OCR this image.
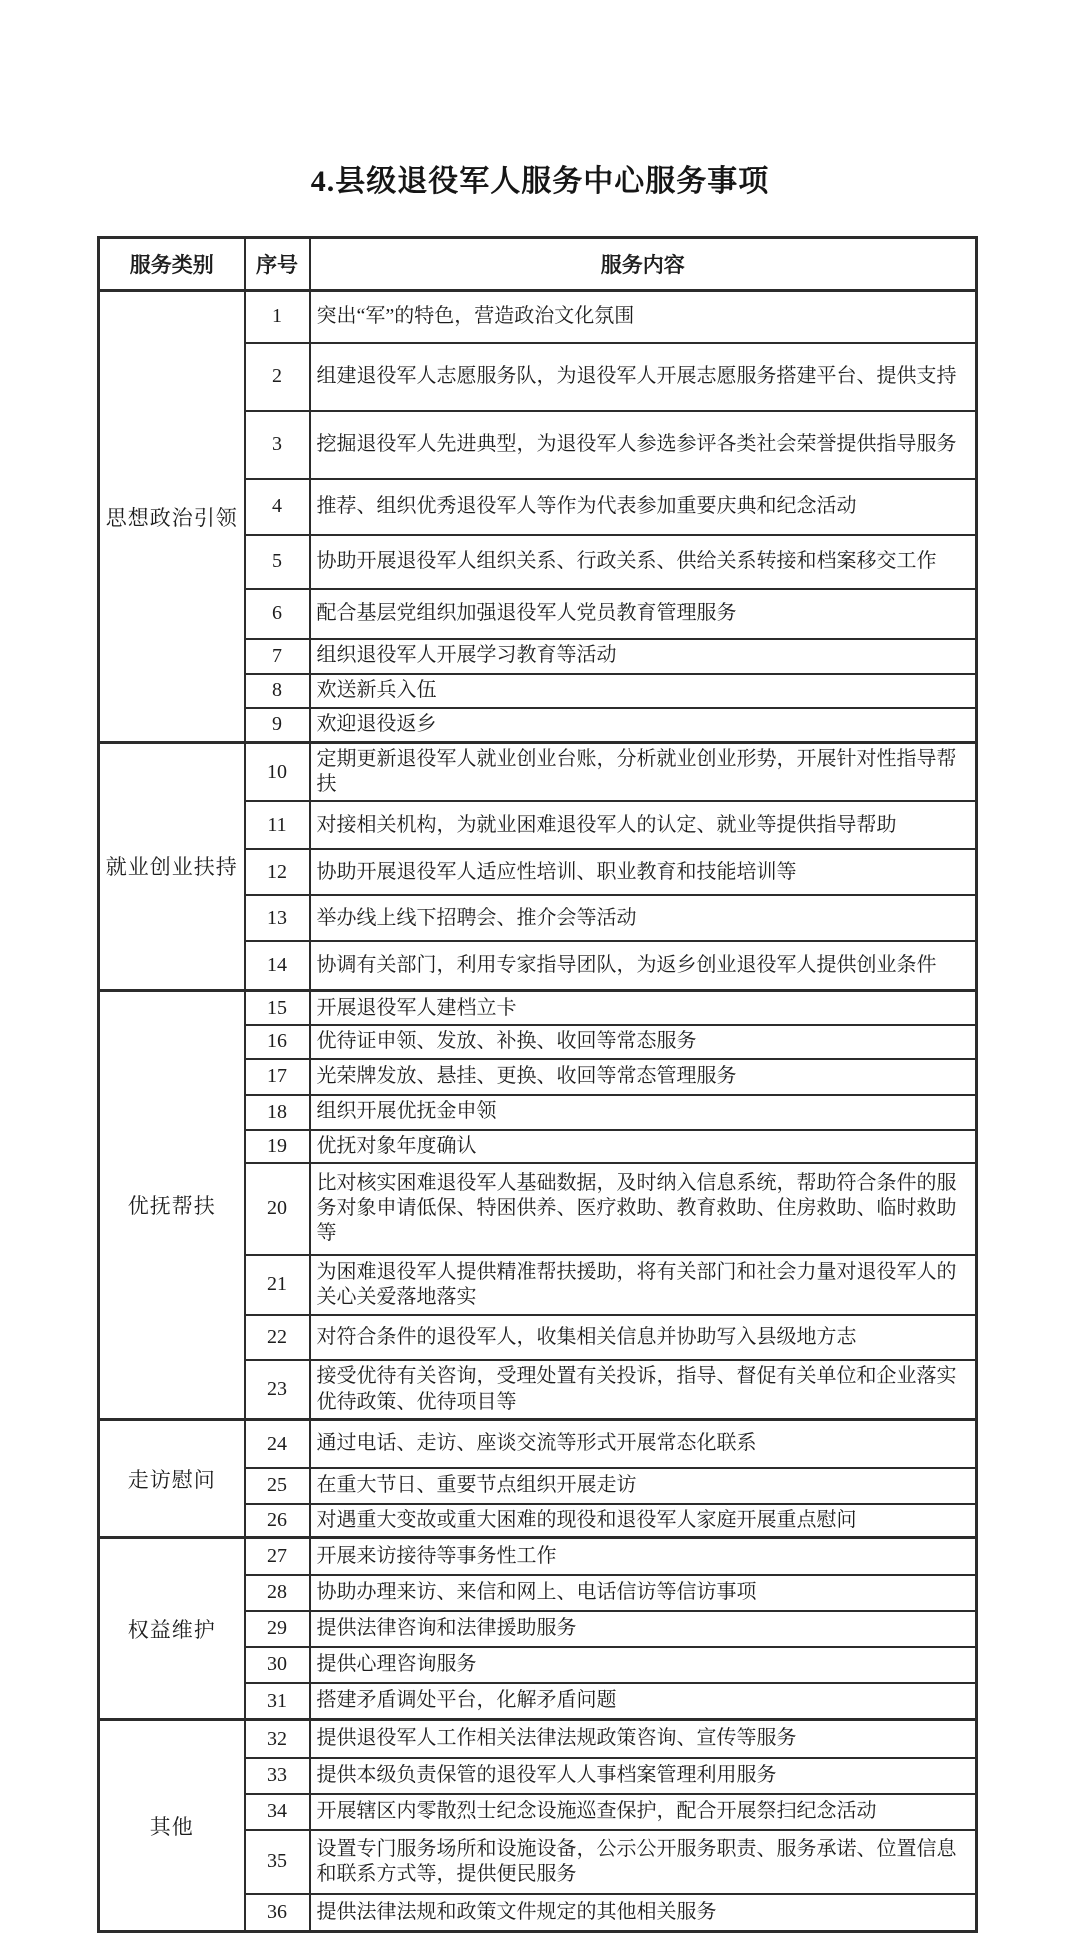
4.县级退役军人服务中心服务事项
服务类别	序号	服务内容
思想政治引领	1	突出“军”的特色，营造政治文化氛围
	2	组建退役军人志愿服务队，为退役军人开展志愿服务搭建平台、提供支持
	3	挖掘退役军人先进典型，为退役军人参选参评各类社会荣誉提供指导服务
	4	推荐、组织优秀退役军人等作为代表参加重要庆典和纪念活动
	5	协助开展退役军人组织关系、行政关系、供给关系转接和档案移交工作
	6	配合基层党组织加强退役军人党员教育管理服务
	7	组织退役军人开展学习教育等活动
	8	欢送新兵入伍
	9	欢迎退役返乡
就业创业扶持	10	定期更新退役军人就业创业台账，分析就业创业形势，开展针对性指导帮扶
	11	对接相关机构，为就业困难退役军人的认定、就业等提供指导帮助
	12	协助开展退役军人适应性培训、职业教育和技能培训等
	13	举办线上线下招聘会、推介会等活动
	14	协调有关部门，利用专家指导团队，为返乡创业退役军人提供创业条件
优抚帮扶	15	开展退役军人建档立卡
	16	优待证申领、发放、补换、收回等常态服务
	17	光荣牌发放、悬挂、更换、收回等常态管理服务
	18	组织开展优抚金申领
	19	优抚对象年度确认
	20	比对核实困难退役军人基础数据，及时纳入信息系统，帮助符合条件的服务对象申请低保、特困供养、医疗救助、教育救助、住房救助、临时救助等
	21	为困难退役军人提供精准帮扶援助，将有关部门和社会力量对退役军人的关心关爱落地落实
	22	对符合条件的退役军人，收集相关信息并协助写入县级地方志
	23	接受优待有关咨询，受理处置有关投诉，指导、督促有关单位和企业落实优待政策、优待项目等
走访慰问	24	通过电话、走访、座谈交流等形式开展常态化联系
	25	在重大节日、重要节点组织开展走访
	26	对遇重大变故或重大困难的现役和退役军人家庭开展重点慰问
权益维护	27	开展来访接待等事务性工作
	28	协助办理来访、来信和网上、电话信访等信访事项
	29	提供法律咨询和法律援助服务
	30	提供心理咨询服务
	31	搭建矛盾调处平台，化解矛盾问题
其他	32	提供退役军人工作相关法律法规政策咨询、宣传等服务
	33	提供本级负责保管的退役军人人事档案管理利用服务
	34	开展辖区内零散烈士纪念设施巡查保护，配合开展祭扫纪念活动
	35	设置专门服务场所和设施设备，公示公开服务职责、服务承诺、位置信息和联系方式等，提供便民服务
	36	提供法律法规和政策文件规定的其他相关服务
